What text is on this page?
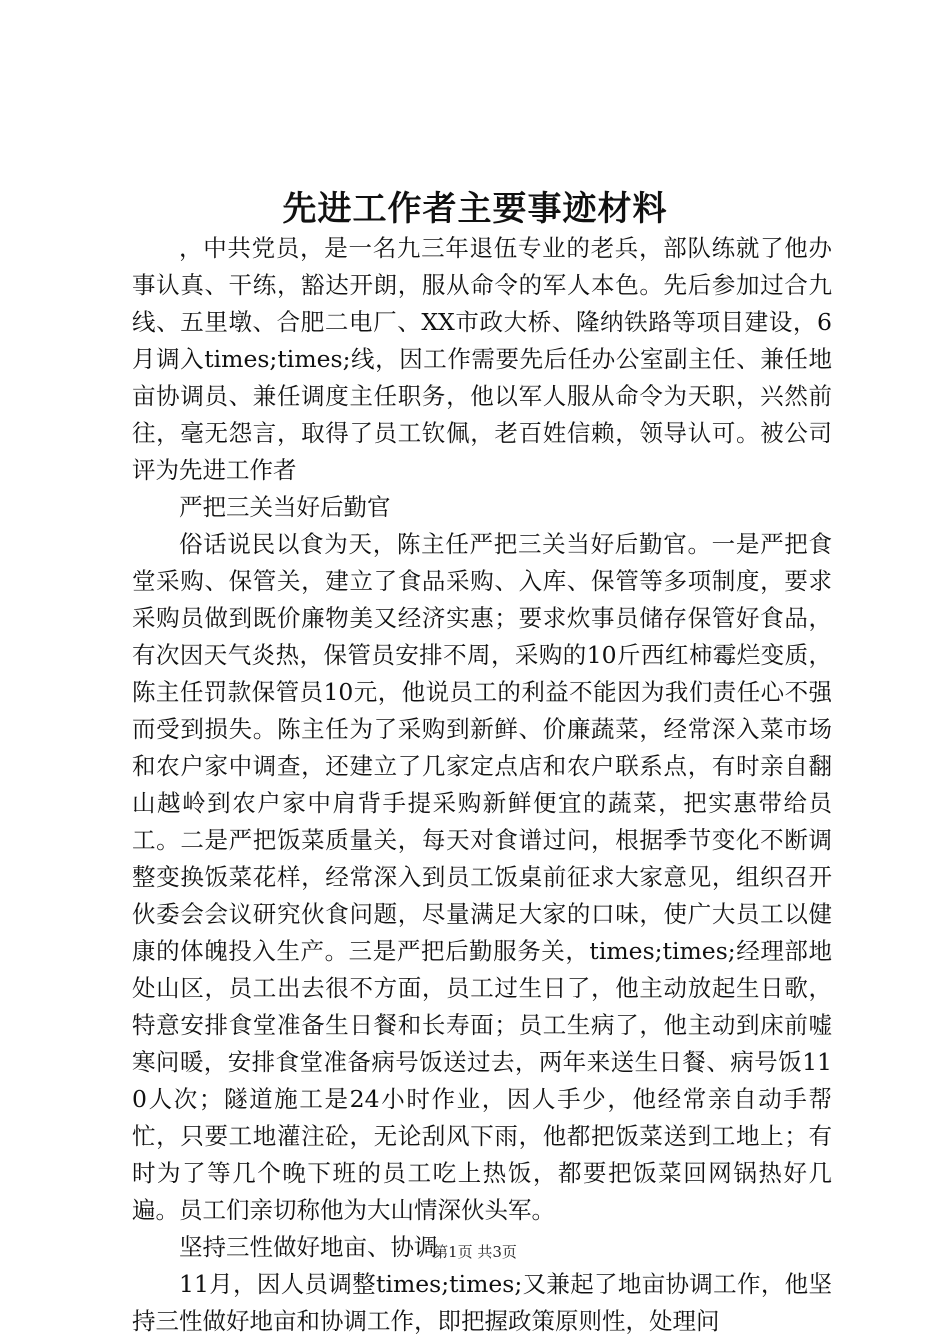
先进工作者主要事迹材料

，中共党员，是一名九三年退伍专业的老兵，部队练就了他办事认真、干练，豁达开朗，服从命令的军人本色。先后参加过合九线、五里墩、合肥二电厂、XX市政大桥、隆纳铁路等项目建设，6月调入times;times;线，因工作需要先后任办公室副主任、兼任地亩协调员、兼任调度主任职务，他以军人服从命令为天职，兴然前往，毫无怨言，取得了员工钦佩，老百姓信赖，领导认可。被公司评为先进工作者

严把三关当好后勤官

俗话说民以食为天，陈主任严把三关当好后勤官。一是严把食堂采购、保管关，建立了食品采购、入库、保管等多项制度，要求采购员做到既价廉物美又经济实惠；要求炊事员储存保管好食品，有次因天气炎热，保管员安排不周，采购的10斤西红柿霉烂变质，陈主任罚款保管员10元，他说员工的利益不能因为我们责任心不强而受到损失。陈主任为了采购到新鲜、价廉蔬菜，经常深入菜市场和农户家中调查，还建立了几家定点店和农户联系点，有时亲自翻山越岭到农户家中肩背手提采购新鲜便宜的蔬菜，把实惠带给员工。二是严把饭菜质量关，每天对食谱过问，根据季节变化不断调整变换饭菜花样，经常深入到员工饭桌前征求大家意见，组织召开伙委会会议研究伙食问题，尽量满足大家的口味，使广大员工以健康的体魄投入生产。三是严把后勤服务关，times;times;经理部地处山区，员工出去很不方面，员工过生日了，他主动放起生日歌，特意安排食堂准备生日餐和长寿面；员工生病了，他主动到床前嘘寒问暖，安排食堂准备病号饭送过去，两年来送生日餐、病号饭110人次；隧道施工是24小时作业，因人手少，他经常亲自动手帮忙，只要工地灌注砼，无论刮风下雨，他都把饭菜送到工地上；有时为了等几个晚下班的员工吃上热饭，都要把饭菜回网锅热好几遍。员工们亲切称他为大山情深伙头军。

坚持三性做好地亩、协调

11月，因人员调整times;times;又兼起了地亩协调工作，他坚持三性做好地亩和协调工作，即把握政策原则性，处理问

第1页 共3页
